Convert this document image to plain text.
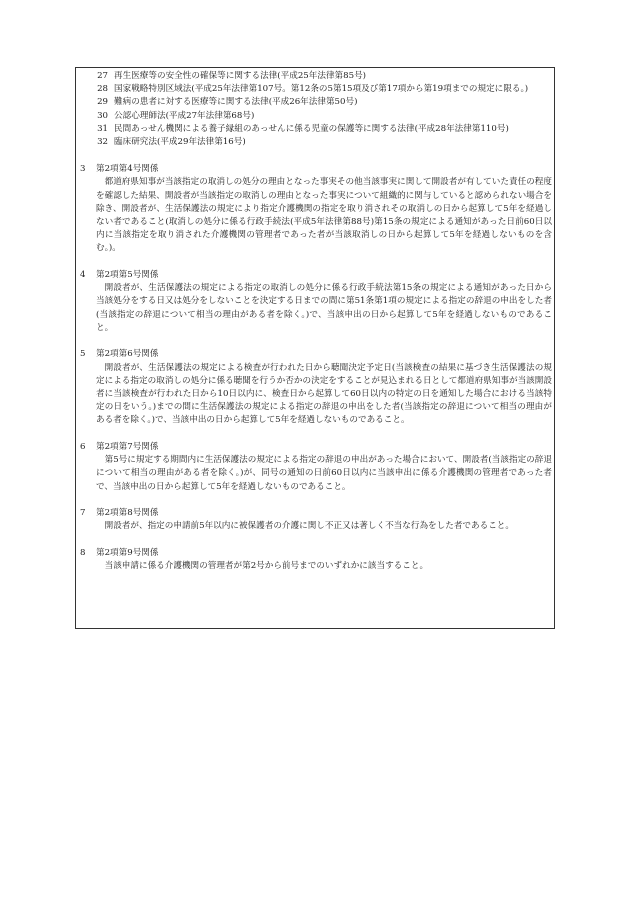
27 再生医療等の安全性の確保等に関する法律(平成25年法律第85号)
28 国家戦略特別区域法(平成25年法律第107号。第12条の5第15項及び第17項から第19項までの規定に限る。)
29 難病の患者に対する医療等に関する法律(平成26年法律第50号)
30 公認心理師法(平成27年法律第68号)
31 民間あっせん機関による養子縁組のあっせんに係る児童の保護等に関する法律(平成28年法律第110号)
32 臨床研究法(平成29年法律第16号)
3	第2項第4号関係
都道府県知事が当該指定の取消しの処分の理由となった事実その他当該事実に関して開設者が有していた責任の程度を確認した結果、開設者が当該指定の取消しの理由となった事実について組織的に関与していると認められない場合を除き、開設者が、生活保護法の規定により指定介護機関の指定を取り消されその取消しの日から起算して5年を経過しない者であること(取消しの処分に係る行政手続法(平成5年法律第88号)第15条の規定による通知があった日前60日以内に当該指定を取り消された介護機関の管理者であった者が当該取消しの日から起算して5年を経過しないものを含む。)。
4	第2項第5号関係
開設者が、生活保護法の規定による指定の取消しの処分に係る行政手続法第15条の規定による通知があった日から当該処分をする日又は処分をしないことを決定する日までの間に第51条第1項の規定による指定の辞退の申出をした者(当該指定の辞退について相当の理由がある者を除く。)で、当該申出の日から起算して5年を経過しないものであること。
5	第2項第6号関係
開設者が、生活保護法の規定による検査が行われた日から聴聞決定予定日(当該検査の結果に基づき生活保護法の規定による指定の取消しの処分に係る聴聞を行うか否かの決定をすることが見込まれる日として都道府県知事が当該開設者に当該検査が行われた日から10日以内に、検査日から起算して60日以内の特定の日を通知した場合における当該特定の日をいう。)までの間に生活保護法の規定による指定の辞退の申出をした者(当該指定の辞退について相当の理由がある者を除く。)で、当該申出の日から起算して5年を経過しないものであること。
6	第2項第7号関係
第5号に規定する期間内に生活保護法の規定による指定の辞退の申出があった場合において、開設者(当該指定の辞退について相当の理由がある者を除く。)が、同号の通知の日前60日以内に当該申出に係る介護機関の管理者であった者で、当該申出の日から起算して5年を経過しないものであること。
7	第2項第8号関係
開設者が、指定の申請前5年以内に被保護者の介護に関し不正又は著しく不当な行為をした者であること。
8	第2項第9号関係
当該申請に係る介護機関の管理者が第2号から前号までのいずれかに該当すること。
